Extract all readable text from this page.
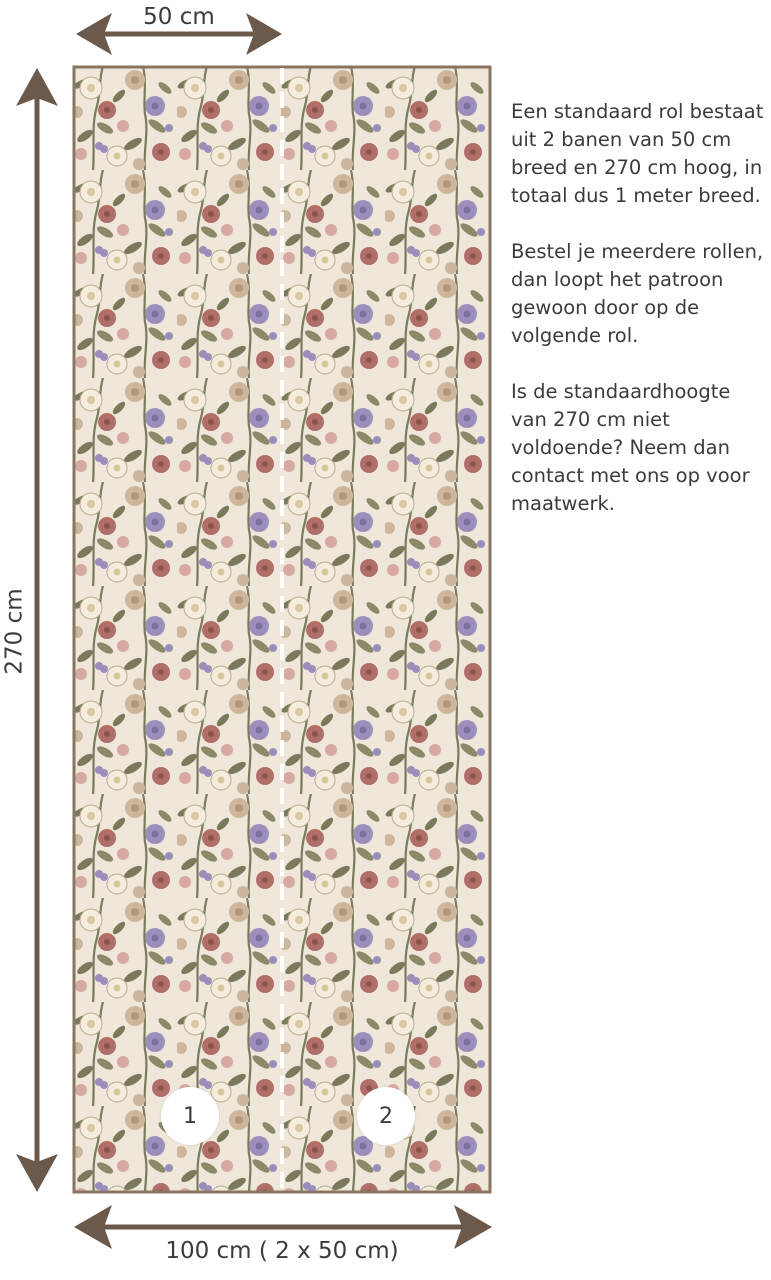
50 cm
270 cm
100 cm ( 2 x 50 cm)
1	2

Een standaard rol bestaat uit 2 banen van 50 cm breed en 270 cm hoog, in totaal dus 1 meter breed.

Bestel je meerdere rollen, dan loopt het patroon gewoon door op de volgende rol.

Is de standaardhoogte van 270 cm niet voldoende? Neem dan contact met ons op voor maatwerk.
